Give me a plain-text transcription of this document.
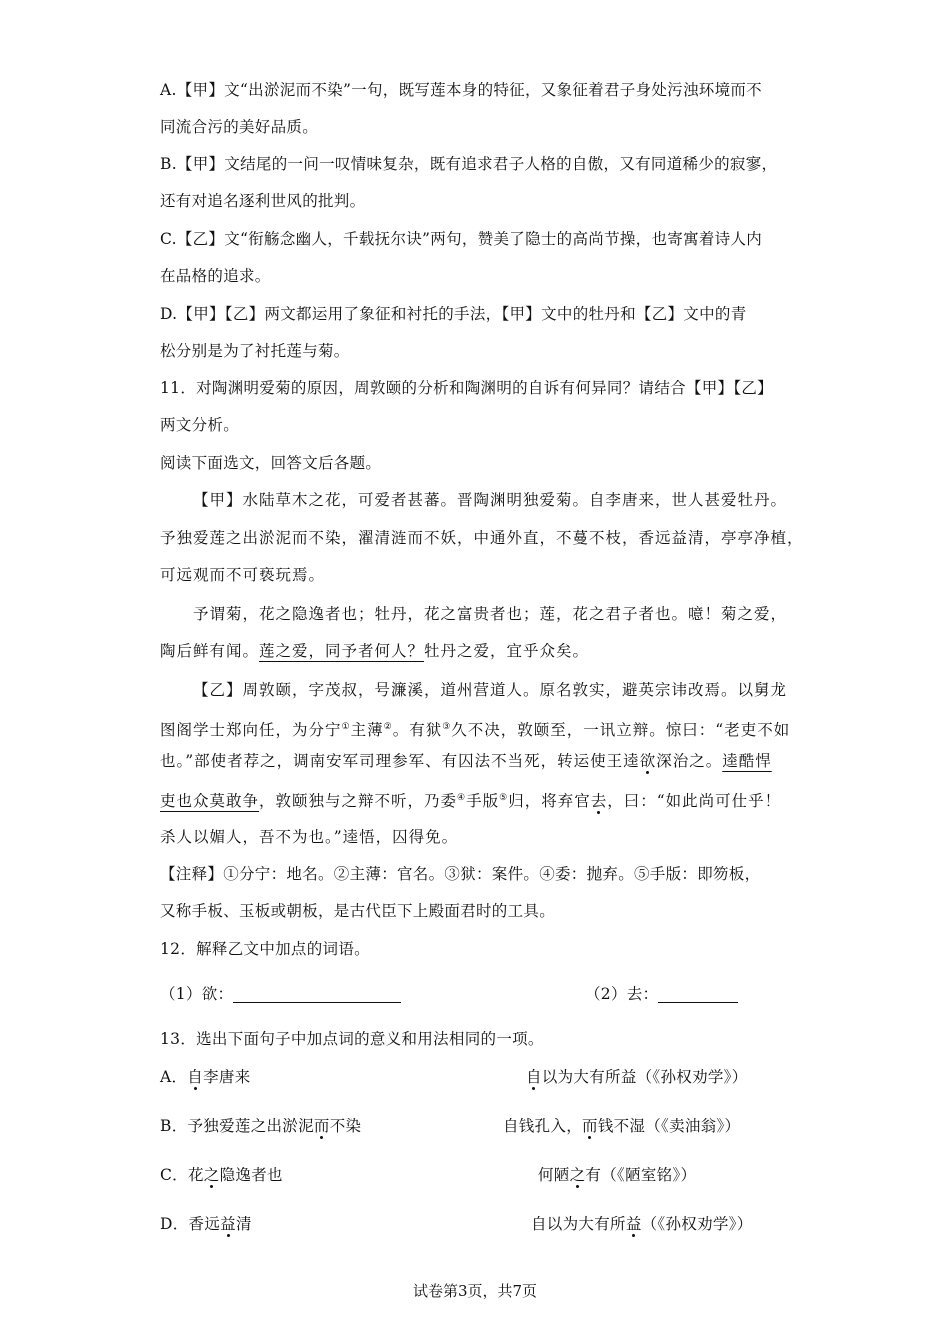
A.【甲】文“出淤泥而不染”一句，既写莲本身的特征，又象征着君子身处污浊环境而不
同流合污的美好品质。
B.【甲】文结尾的一问一叹情味复杂，既有追求君子人格的自傲，又有同道稀少的寂寥，
还有对追名逐利世风的批判。
C.【乙】文“衔觞念幽人，千载抚尔诀”两句，赞美了隐士的高尚节操，也寄寓着诗人内
在品格的追求。
D.【甲】【乙】两文都运用了象征和衬托的手法，【甲】文中的牡丹和【乙】文中的青
松分别是为了衬托莲与菊。
11．对陶渊明爱菊的原因，周敦颐的分析和陶渊明的自诉有何异同？请结合【甲】【乙】
两文分析。
阅读下面选文，回答文后各题。
【甲】水陆草木之花，可爱者甚蕃。晋陶渊明独爱菊。自李唐来，世人甚爱牡丹。
予独爱莲之出淤泥而不染，濯清涟而不妖，中通外直，不蔓不枝，香远益清，亭亭净植，
可远观而不可亵玩焉。
予谓菊，花之隐逸者也；牡丹，花之富贵者也；莲，花之君子者也。噫！菊之爱，
陶后鲜有闻。莲之爱，同予者何人？牡丹之爱，宜乎众矣。
【乙】周敦颐，字茂叔，号濂溪，道州营道人。原名敦实，避英宗讳改焉。以舅龙
图阁学士郑向任，为分宁①主薄②。有狱③久不决，敦颐至，一讯立辩。惊曰：“老吏不如
也。”部使者荐之，调南安军司理参军、有囚法不当死，转运使王逵欲深治之。逵酷悍
吏也众莫敢争，敦颐独与之辩不听，乃委④手版⑤归，将弃官去，曰：“如此尚可仕乎！
杀人以媚人，吾不为也。”逵悟，囚得免。
【注释】①分宁：地名。②主薄：官名。③狱：案件。④委：抛弃。⑤手版：即笏板，
又称手板、玉板或朝板，是古代臣下上殿面君时的工具。
12．解释乙文中加点的词语。
（1）欲：	（2）去：
13．选出下面句子中加点词的意义和用法相同的一项。
A．自李唐来	自以为大有所益（《孙权劝学》）
B．予独爱莲之出淤泥而不染	自钱孔入，而钱不湿（《卖油翁》）
C．花之隐逸者也	何陋之有（《陋室铭》）
D．香远益清	自以为大有所益（《孙权劝学》）
试卷第3页，共7页
